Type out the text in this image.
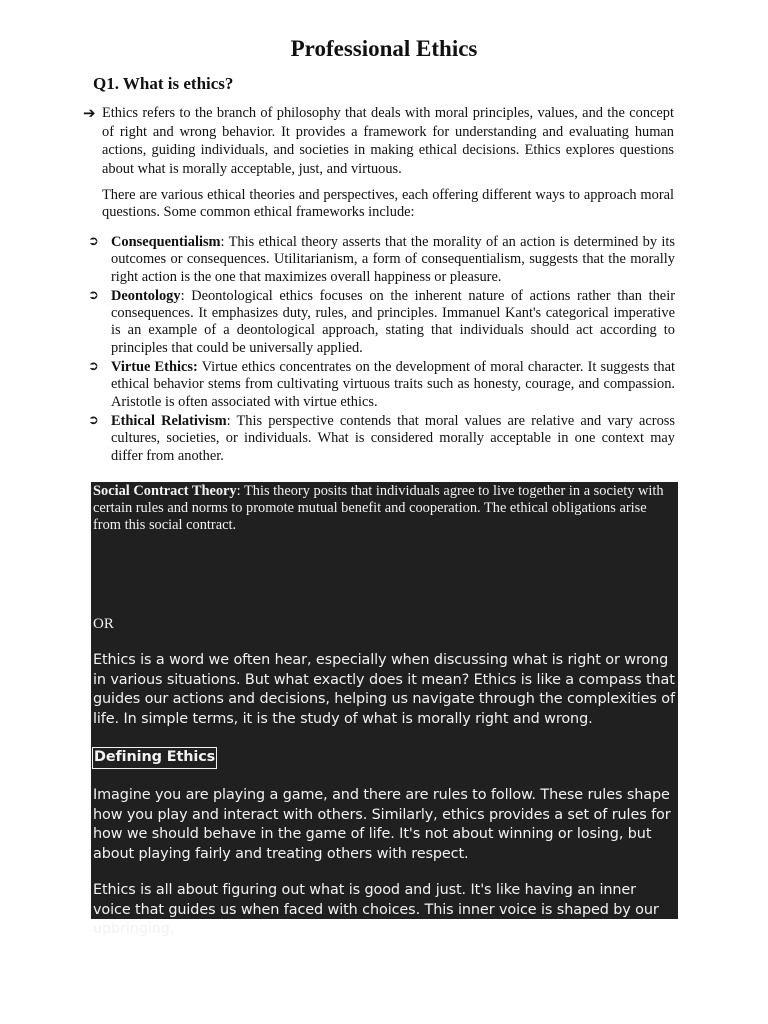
Professional Ethics
Q1. What is ethics?
➔ Ethics refers to the branch of philosophy that deals with moral principles, values, and the concept of right and wrong behavior. It provides a framework for understanding and evaluating human actions, guiding individuals, and societies in making ethical decisions. Ethics explores questions about what is morally acceptable, just, and virtuous.
There are various ethical theories and perspectives, each offering different ways to approach moral questions. Some common ethical frameworks include:
➲ Consequentialism: This ethical theory asserts that the morality of an action is determined by its outcomes or consequences. Utilitarianism, a form of consequentialism, suggests that the morally right action is the one that maximizes overall happiness or pleasure.
➲ Deontology: Deontological ethics focuses on the inherent nature of actions rather than their consequences. It emphasizes duty, rules, and principles. Immanuel Kant's categorical imperative is an example of a deontological approach, stating that individuals should act according to principles that could be universally applied.
➲ Virtue Ethics: Virtue ethics concentrates on the development of moral character. It suggests that ethical behavior stems from cultivating virtuous traits such as honesty, courage, and compassion. Aristotle is often associated with virtue ethics.
➲ Ethical Relativism: This perspective contends that moral values are relative and vary across cultures, societies, or individuals. What is considered morally acceptable in one context may differ from another.
Social Contract Theory: This theory posits that individuals agree to live together in a society with certain rules and norms to promote mutual benefit and cooperation. The ethical obligations arise from this social contract.
OR
Ethics is a word we often hear, especially when discussing what is right or wrong in various situations. But what exactly does it mean? Ethics is like a compass that guides our actions and decisions, helping us navigate through the complexities of life. In simple terms, it is the study of what is morally right and wrong.
Defining Ethics
Imagine you are playing a game, and there are rules to follow. These rules shape how you play and interact with others. Similarly, ethics provides a set of rules for how we should behave in the game of life. It's not about winning or losing, but about playing fairly and treating others with respect.
Ethics is all about figuring out what is good and just. It's like having an inner voice that guides us when faced with choices. This inner voice is shaped by our upbringing,
